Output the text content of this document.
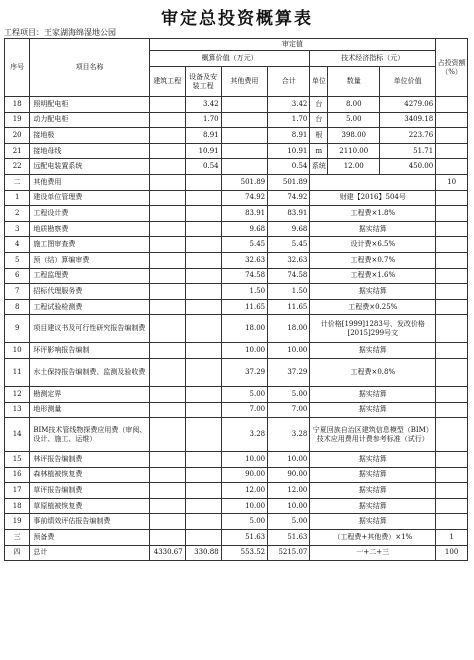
审定总投资概算表
工程项目：王家湖海绵湿地公园
序号	项目名称	审定值							占投资额（%）
		概算价值（万元）				技术经济指标（元）			
		建筑工程	设备及安装工程	其他费用	合计	单位	数量	单位价值	
18	照明配电柜		3.42		3.42	台	8.00	4279.06	
19	动力配电柜		1.70		1.70	台	5.00	3409.18	
20	接地极		8.91		8.91	根	398.00	223.76	
21	接地母线		10.91		10.91	m	2110.00	51.71	
22	远配电装置系统		0.54		0.54	系统	12.00	450.00	
二	其他费用			501.89	501.89				10
1	建设单位管理费			74.92	74.92	财建【2016】504号			
2	工程设计费			83.91	83.91	工程费×1.8%			
3	地质勘察费			9.68	9.68	据实结算			
4	施工图审查费			5.45	5.45	设计费×6.5%			
5	预（结）算编审费			32.63	32.63	工程费×0.7%			
6	工程监理费			74.58	74.58	工程费×1.6%			
7	招标代理服务费			1.50	1.50	据实结算			
8	工程试验检测费			11.65	11.65	工程费×0.25%			
9	项目建议书及可行性研究报告编制费			18.00	18.00	计价格[1999]1283号、发改价格[2015]299号文			
10	环评影响报告编制			10.00	10.00	据实结算			
11	水土保持报告编制费、监测及验收费			37.29	37.29	工程费×0.8%			
12	勘测定界			5.00	5.00	据实结算			
13	地形测量			7.00	7.00	据实结算			
14	BIM技术管线物探费应用费（审阅、设计、施工、运维）			3.28	3.28	宁夏回族自治区建筑信息模型（BIM）技术应用费用计费参考标准（试行）			
15	林评报告编制费			10.00	10.00	据实结算			
16	森林植被恢复费			90.00	90.00	据实结算			
17	草评报告编制费			12.00	12.00	据实结算			
18	草原植被恢复费			10.00	10.00	据实结算			
19	事前绩效评估报告编制费			5.00	5.00	据实结算			
三	预备费			51.63	51.63	（工程费+其他费）×1%			1
四	总计	4330.67	330.88	553.52	5215.07	一+二+三			100
